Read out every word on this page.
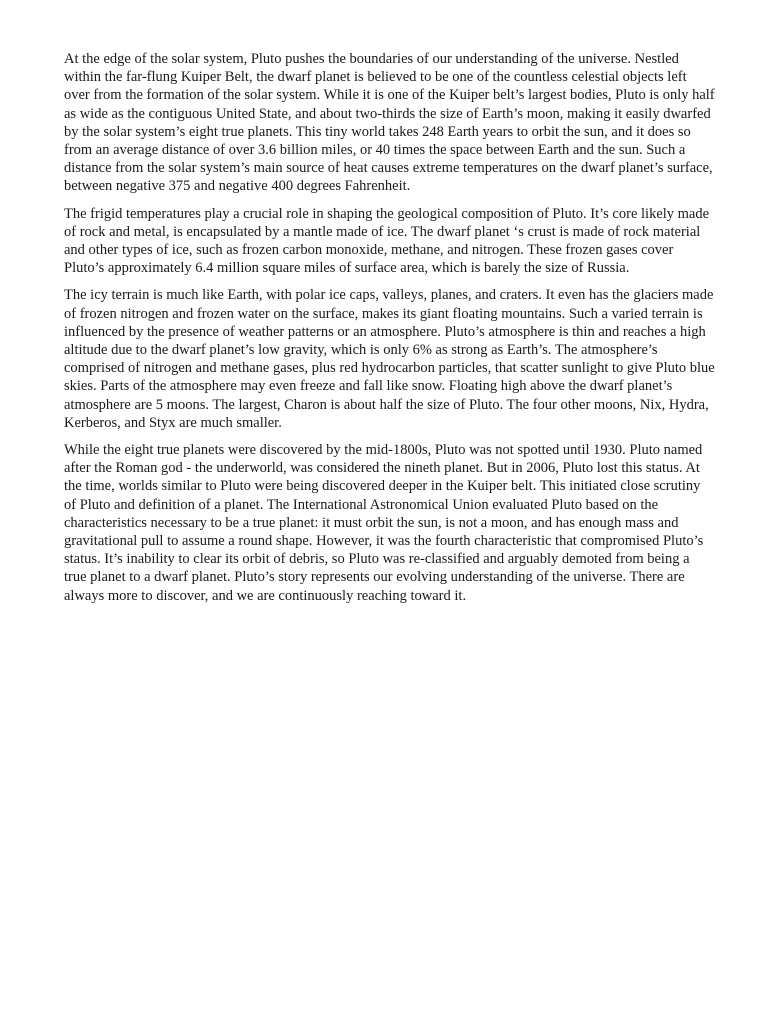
At the edge of the solar system, Pluto pushes the boundaries of our understanding of the universe. Nestled within the far-flung Kuiper Belt, the dwarf planet is believed to be one of the countless celestial objects left over from the formation of the solar system. While it is one of the Kuiper belt’s largest bodies, Pluto is only half as wide as the contiguous United State, and about two-thirds the size of Earth’s moon, making it easily dwarfed by the solar system’s eight true planets. This tiny world takes 248 Earth years to orbit the sun, and it does so from an average distance of over 3.6 billion miles, or 40 times the space between Earth and the sun. Such a distance from the solar system’s main source of heat causes extreme temperatures on the dwarf planet’s surface, between negative 375 and negative 400 degrees Fahrenheit.

The frigid temperatures play a crucial role in shaping the geological composition of Pluto. It’s core likely made of rock and metal, is encapsulated by a mantle made of ice. The dwarf planet ‘s crust is made of rock material and other types of ice, such as frozen carbon monoxide, methane, and nitrogen. These frozen gases cover Pluto’s approximately 6.4 million square miles of surface area, which is barely the size of Russia.

The icy terrain is much like Earth, with polar ice caps, valleys, planes, and craters. It even has the glaciers made of frozen nitrogen and frozen water on the surface, makes its giant floating mountains. Such a varied terrain is influenced by the presence of weather patterns or an atmosphere. Pluto’s atmosphere is thin and reaches a high altitude due to the dwarf planet’s low gravity, which is only 6% as strong as Earth’s. The atmosphere’s comprised of nitrogen and methane gases, plus red hydrocarbon particles, that scatter sunlight to give Pluto blue skies. Parts of the atmosphere may even freeze and fall like snow. Floating high above the dwarf planet’s atmosphere are 5 moons. The largest, Charon is about half the size of Pluto. The four other moons, Nix, Hydra, Kerberos, and Styx are much smaller.

While the eight true planets were discovered by the mid-1800s, Pluto was not spotted until 1930. Pluto named after the Roman god - the underworld, was considered the nineth planet. But in 2006, Pluto lost this status. At the time, worlds similar to Pluto were being discovered deeper in the Kuiper belt. This initiated close scrutiny of Pluto and definition of a planet. The International Astronomical Union evaluated Pluto based on the characteristics necessary to be a true planet: it must orbit the sun, is not a moon, and has enough mass and gravitational pull to assume a round shape. However, it was the fourth characteristic that compromised Pluto’s status. It’s inability to clear its orbit of debris, so Pluto was re-classified and arguably demoted from being a true planet to a dwarf planet. Pluto’s story represents our evolving understanding of the universe. There are always more to discover, and we are continuously reaching toward it.
